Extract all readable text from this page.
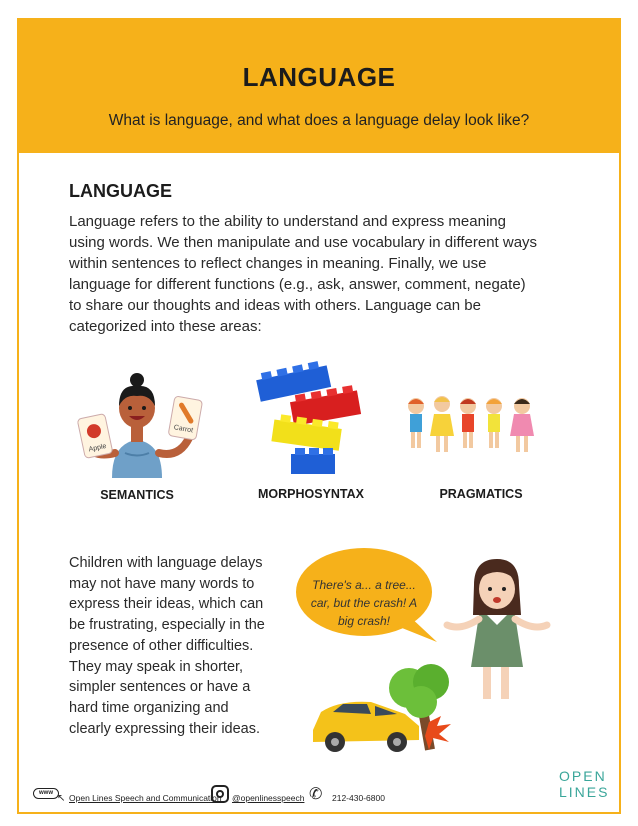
LANGUAGE
What is language, and what does a language delay look like?
LANGUAGE
Language refers to the ability to understand and express meaning using words. We then manipulate and use vocabulary in different ways within sentences to reflect changes in meaning. Finally, we use language for different functions (e.g., ask, answer, comment, negate) to share our thoughts and ideas with others. Language can be categorized into these areas:
Apple
Carrot
SEMANTICS	MORPHOSYNTAX	PRAGMATICS
Children with language delays may not have many words to express their ideas, which can be frustrating, especially in the presence of other difficulties. They may speak in shorter, simpler sentences or have a hard time organizing and clearly expressing their ideas.
There's a... a tree... car, but the crash! A big crash!
www ↖ Open Lines Speech and Communication @openlinesspeech ✆ 212-430-6800
OPEN
LINES
